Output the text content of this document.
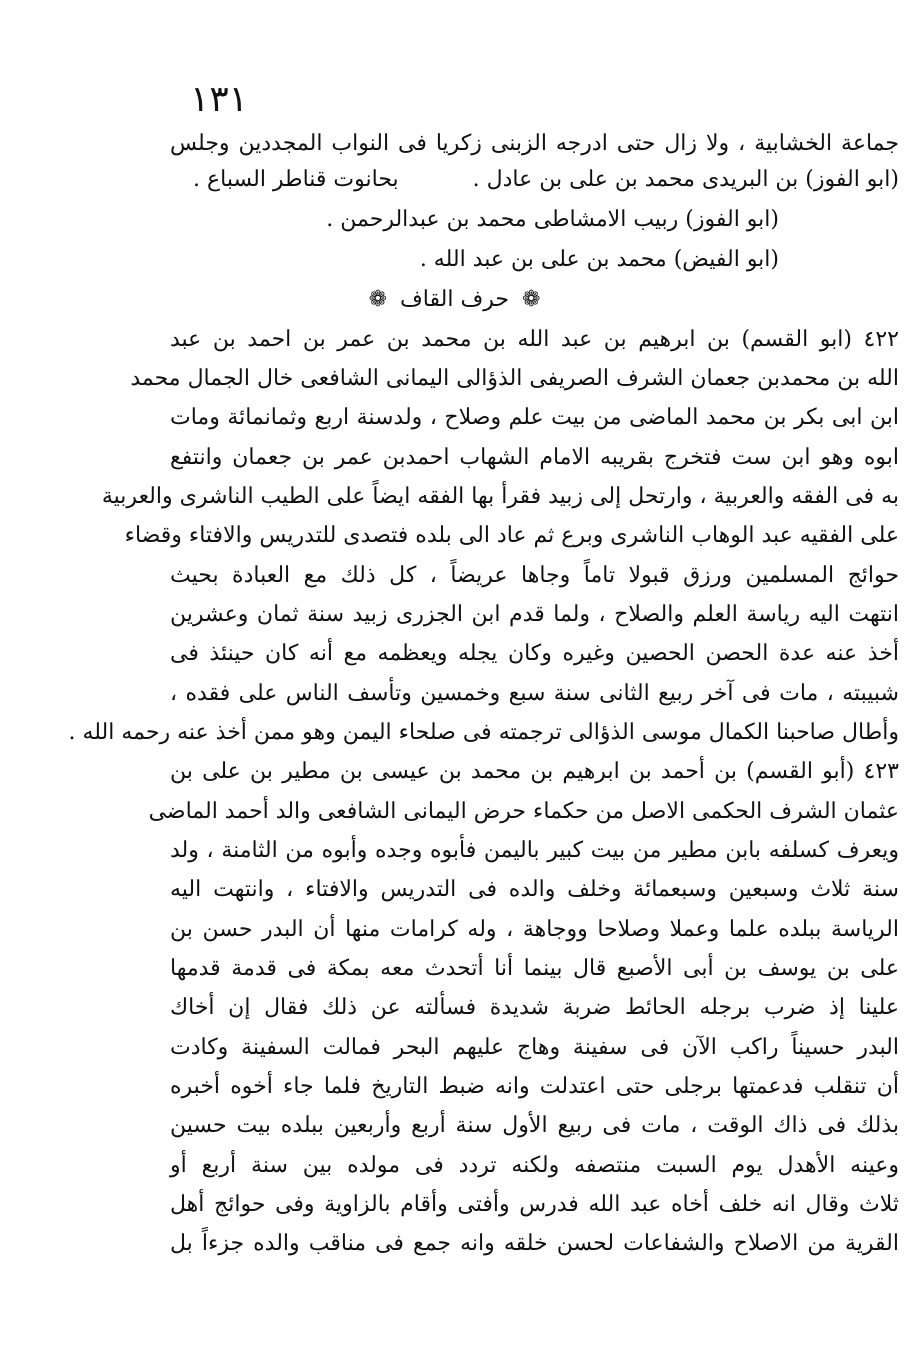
١٣١
جماعة الخشابية ، ولا زال حتى ادرجه الزبنى زكريا فى النواب المجددين وجلس
(ابو الفوز) بن البريدى محمد بن على بن عادل .  بحانوت قناطر السباع .
(ابو الفوز) ربيب الامشاطى محمد بن عبدالرحمن .
(ابو الفيض) محمد بن على بن عبد الله .
❁ حرف القاف ❁
٤٢٢ (ابو القسم) بن ابرهيم بن عبد الله بن محمد بن عمر بن احمد بن عبد
الله بن محمدبن جعمان الشرف الصريفى الذؤالى اليمانى الشافعى خال الجمال محمد
ابن ابى بكر بن محمد الماضى من بيت علم وصلاح ، ولدسنة اربع وثمانمائة ومات
ابوه وهو ابن ست فتخرج بقريبه الامام الشهاب احمدبن عمر بن جعمان وانتفع
به فى الفقه والعربية ، وارتحل إلى زبيد فقرأ بها الفقه ايضاً على الطيب الناشرى والعربية
على الفقيه عبد الوهاب الناشرى وبرع ثم عاد الى بلده فتصدى للتدريس والافتاء وقضاء
حوائج المسلمين ورزق قبولا تاماً وجاها عريضاً ، كل ذلك مع العبادة بحيث
انتهت اليه رياسة العلم والصلاح ، ولما قدم ابن الجزرى زبيد سنة ثمان وعشرين
أخذ عنه عدة الحصن الحصين وغيره وكان يجله ويعظمه مع أنه كان حينئذ فى
شبيبته ، مات فى آخر ربيع الثانى سنة سبع وخمسين وتأسف الناس على فقده ،
وأطال صاحبنا الكمال موسى الذؤالى ترجمته فى صلحاء اليمن وهو ممن أخذ عنه رحمه الله .
٤٢٣ (أبو القسم) بن أحمد بن ابرهيم بن محمد بن عيسى بن مطير بن على بن
عثمان الشرف الحكمى الاصل من حكماء حرض اليمانى الشافعى والد أحمد الماضى
ويعرف كسلفه بابن مطير من بيت كبير باليمن فأبوه وجده وأبوه من الثامنة ، ولد
سنة ثلاث وسبعين وسبعمائة وخلف والده فى التدريس والافتاء ، وانتهت اليه
الرياسة ببلده علما وعملا وصلاحا ووجاهة ، وله كرامات منها أن البدر حسن بن
على بن يوسف بن أبى الأصبع قال بينما أنا أتحدث معه بمكة فى قدمة قدمها
علينا إذ ضرب برجله الحائط ضربة شديدة فسألته عن ذلك فقال إن أخاك
البدر حسيناً راكب الآن فى سفينة وهاج عليهم البحر فمالت السفينة وكادت
أن تنقلب فدعمتها برجلى حتى اعتدلت وانه ضبط التاريخ فلما جاء أخوه أخبره
بذلك فى ذاك الوقت ، مات فى ربيع الأول سنة أربع وأربعين ببلده بيت حسين
وعينه الأهدل يوم السبت منتصفه ولكنه تردد فى مولده بين سنة أربع أو
ثلاث وقال انه خلف أخاه عبد الله فدرس وأفتى وأقام بالزاوية وفى حوائج أهل
القرية من الاصلاح والشفاعات لحسن خلقه وانه جمع فى مناقب والده جزءاً بل
